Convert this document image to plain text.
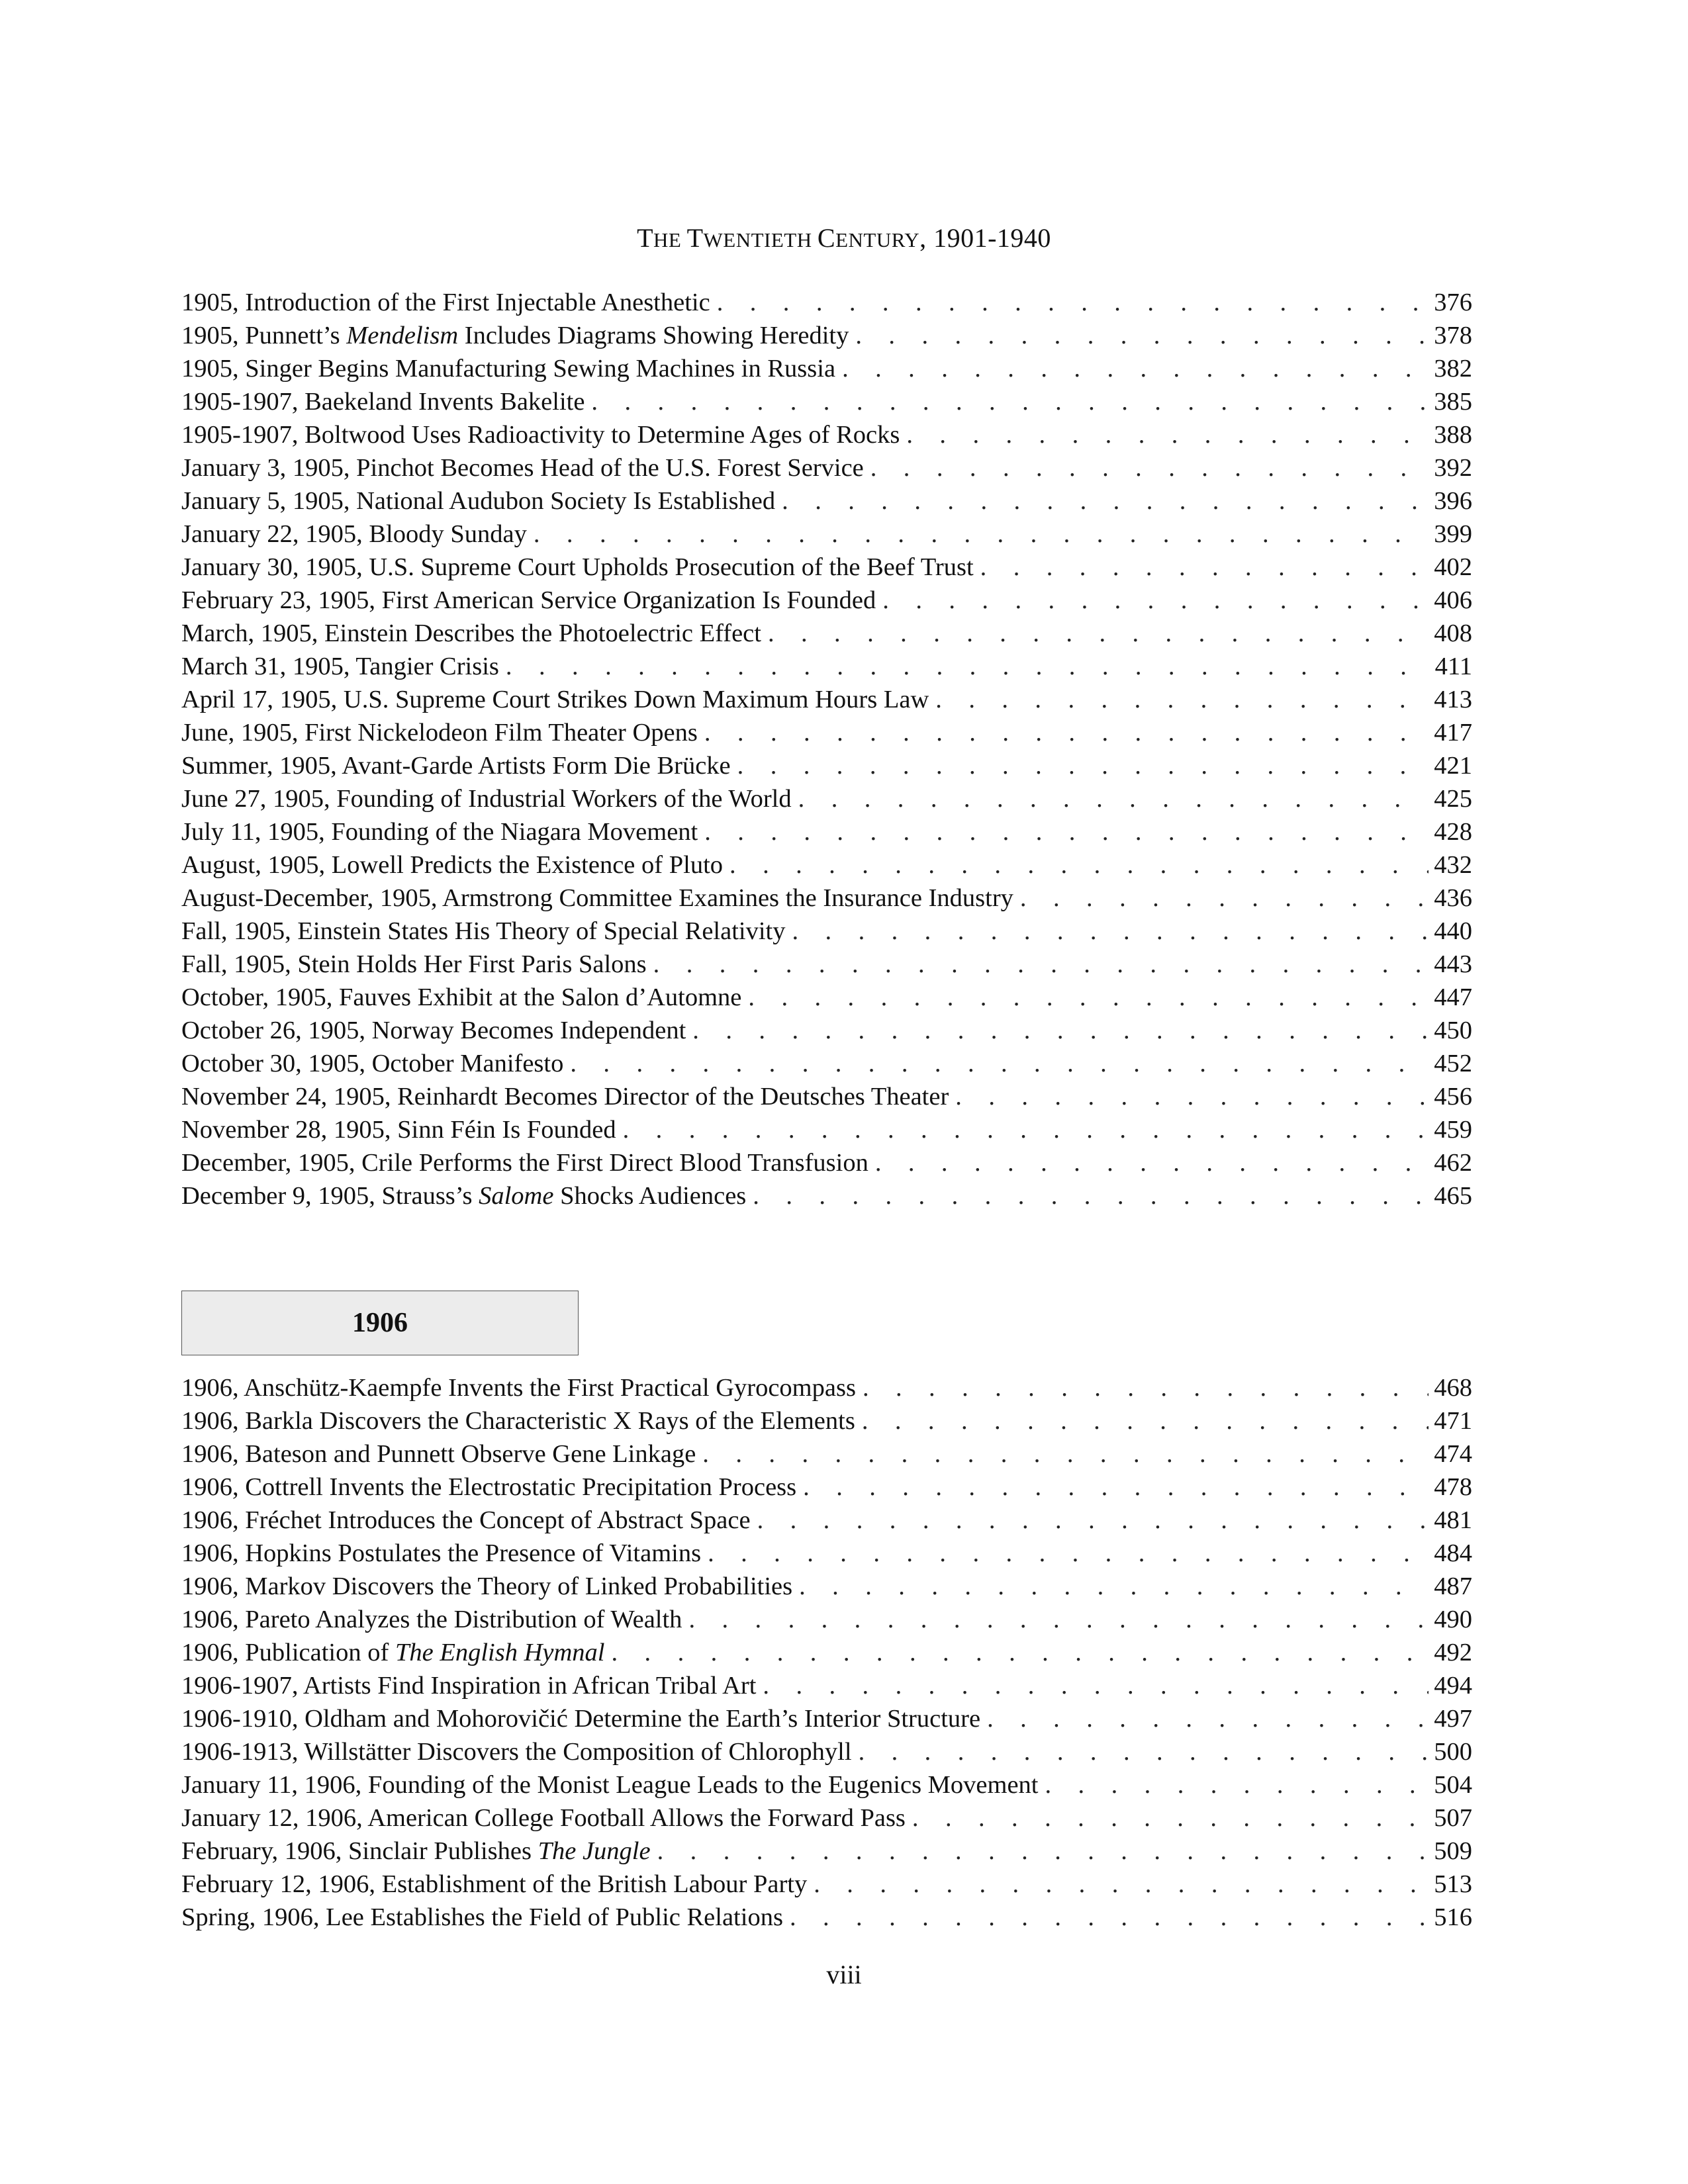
THE TWENTIETH CENTURY, 1901-1940
1905, Introduction of the First Injectable Anesthetic . . .	376
1905, Punnett’s Mendelism Includes Diagrams Showing Heredity . . .	378
1905, Singer Begins Manufacturing Sewing Machines in Russia . . .	382
1905-1907, Baekeland Invents Bakelite . . .	385
1905-1907, Boltwood Uses Radioactivity to Determine Ages of Rocks . . .	388
January 3, 1905, Pinchot Becomes Head of the U.S. Forest Service . . .	392
January 5, 1905, National Audubon Society Is Established . . .	396
January 22, 1905, Bloody Sunday . . .	399
January 30, 1905, U.S. Supreme Court Upholds Prosecution of the Beef Trust . . .	402
February 23, 1905, First American Service Organization Is Founded . . .	406
March, 1905, Einstein Describes the Photoelectric Effect . . .	408
March 31, 1905, Tangier Crisis . . .	411
April 17, 1905, U.S. Supreme Court Strikes Down Maximum Hours Law . . .	413
June, 1905, First Nickelodeon Film Theater Opens . . .	417
Summer, 1905, Avant-Garde Artists Form Die Brücke . . .	421
June 27, 1905, Founding of Industrial Workers of the World . . .	425
July 11, 1905, Founding of the Niagara Movement . . .	428
August, 1905, Lowell Predicts the Existence of Pluto . . .	432
August-December, 1905, Armstrong Committee Examines the Insurance Industry . . .	436
Fall, 1905, Einstein States His Theory of Special Relativity . . .	440
Fall, 1905, Stein Holds Her First Paris Salons . . .	443
October, 1905, Fauves Exhibit at the Salon d’Automne . . .	447
October 26, 1905, Norway Becomes Independent . . .	450
October 30, 1905, October Manifesto . . .	452
November 24, 1905, Reinhardt Becomes Director of the Deutsches Theater . . .	456
November 28, 1905, Sinn Féin Is Founded . . .	459
December, 1905, Crile Performs the First Direct Blood Transfusion . . .	462
December 9, 1905, Strauss’s Salome Shocks Audiences . . .	465
1906
1906, Anschütz-Kaempfe Invents the First Practical Gyrocompass . . .	468
1906, Barkla Discovers the Characteristic X Rays of the Elements . . .	471
1906, Bateson and Punnett Observe Gene Linkage . . .	474
1906, Cottrell Invents the Electrostatic Precipitation Process . . .	478
1906, Fréchet Introduces the Concept of Abstract Space . . .	481
1906, Hopkins Postulates the Presence of Vitamins . . .	484
1906, Markov Discovers the Theory of Linked Probabilities . . .	487
1906, Pareto Analyzes the Distribution of Wealth . . .	490
1906, Publication of The English Hymnal . . .	492
1906-1907, Artists Find Inspiration in African Tribal Art . . .	494
1906-1910, Oldham and Mohorovičić Determine the Earth’s Interior Structure . . .	497
1906-1913, Willstätter Discovers the Composition of Chlorophyll . . .	500
January 11, 1906, Founding of the Monist League Leads to the Eugenics Movement . . .	504
January 12, 1906, American College Football Allows the Forward Pass . . .	507
February, 1906, Sinclair Publishes The Jungle . . .	509
February 12, 1906, Establishment of the British Labour Party . . .	513
Spring, 1906, Lee Establishes the Field of Public Relations . . .	516
viii
